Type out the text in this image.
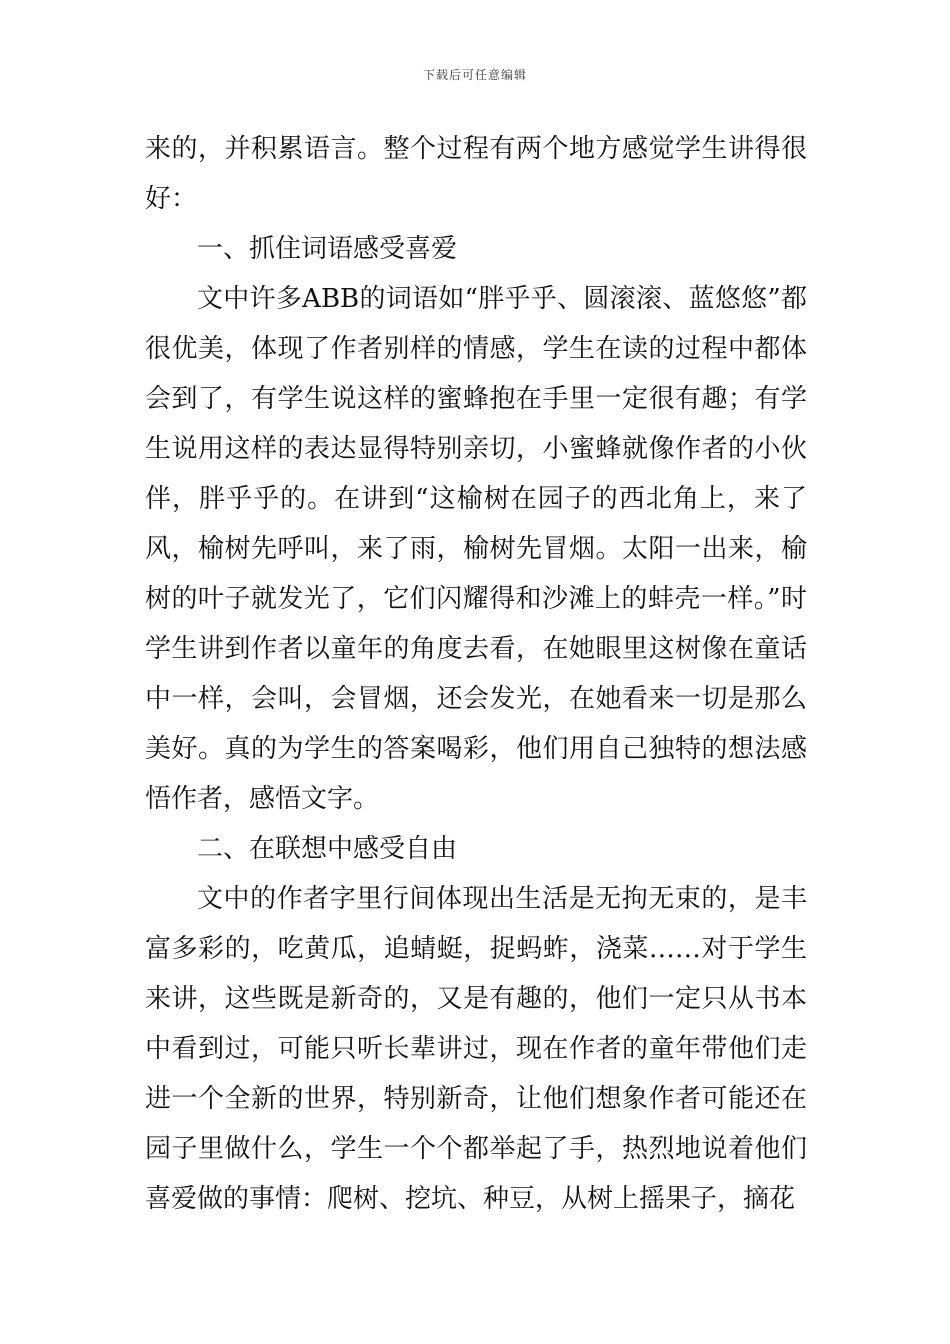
下载后可任意编辑

来的，并积累语言。整个过程有两个地方感觉学生讲得很好：

一、抓住词语感受喜爱

文中许多ABB的词语如“胖乎乎、圆滚滚、蓝悠悠”都很优美，体现了作者别样的情感，学生在读的过程中都体会到了，有学生说这样的蜜蜂抱在手里一定很有趣；有学生说用这样的表达显得特别亲切，小蜜蜂就像作者的小伙伴，胖乎乎的。在讲到“这榆树在园子的西北角上，来了风，榆树先呼叫，来了雨，榆树先冒烟。太阳一出来，榆树的叶子就发光了，它们闪耀得和沙滩上的蚌壳一样。”时学生讲到作者以童年的角度去看，在她眼里这树像在童话中一样，会叫，会冒烟，还会发光，在她看来一切是那么美好。真的为学生的答案喝彩，他们用自己独特的想法感悟作者，感悟文字。

二、在联想中感受自由

文中的作者字里行间体现出生活是无拘无束的，是丰富多彩的，吃黄瓜，追蜻蜓，捉蚂蚱，浇菜……对于学生来讲，这些既是新奇的，又是有趣的，他们一定只从书本中看到过，可能只听长辈讲过，现在作者的童年带他们走进一个全新的世界，特别新奇，让他们想象作者可能还在园子里做什么，学生一个个都举起了手，热烈地说着他们喜爱做的事情：爬树、挖坑、种豆，从树上摇果子，摘花
